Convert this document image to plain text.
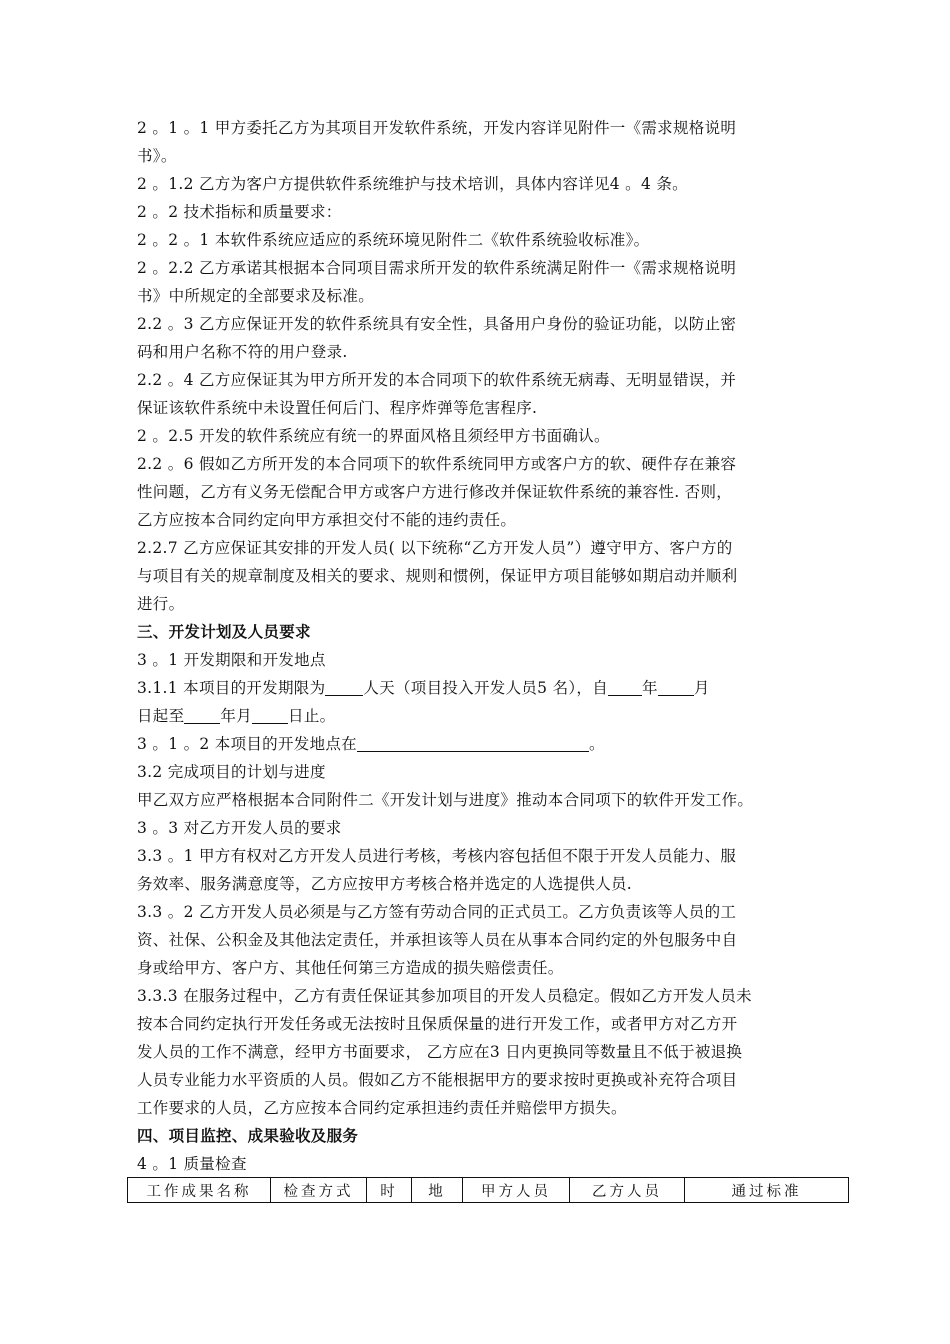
2 。1 。1 甲方委托乙方为其项目开发软件系统，开发内容详见附件一《需求规格说明
书》。
2 。1.2 乙方为客户方提供软件系统维护与技术培训，具体内容详见4 。4 条。
2 。2 技术指标和质量要求：
2 。2 。1 本软件系统应适应的系统环境见附件二《软件系统验收标准》。
2 。2.2 乙方承诺其根据本合同项目需求所开发的软件系统满足附件一《需求规格说明
书》中所规定的全部要求及标准。
2.2 。3 乙方应保证开发的软件系统具有安全性，具备用户身份的验证功能，以防止密
码和用户名称不符的用户登录.
2.2 。4 乙方应保证其为甲方所开发的本合同项下的软件系统无病毒、无明显错误，并
保证该软件系统中未设置任何后门、程序炸弹等危害程序.
2 。2.5 开发的软件系统应有统一的界面风格且须经甲方书面确认。
2.2 。6 假如乙方所开发的本合同项下的软件系统同甲方或客户方的软、硬件存在兼容
性问题，乙方有义务无偿配合甲方或客户方进行修改并保证软件系统的兼容性. 否则，
乙方应按本合同约定向甲方承担交付不能的违约责任。
2.2.7 乙方应保证其安排的开发人员( 以下统称“乙方开发人员”）遵守甲方、客户方的
与项目有关的规章制度及相关的要求、规则和惯例，保证甲方项目能够如期启动并顺利
进行。
三、开发计划及人员要求
3 。1 开发期限和开发地点
3.1.1 本项目的开发期限为 人天（项目投入开发人员5 名），自 年 月
日起至 年月 日止。
3 。1 。2 本项目的开发地点在	。
3.2 完成项目的计划与进度
甲乙双方应严格根据本合同附件二《开发计划与进度》推动本合同项下的软件开发工作。
3 。3 对乙方开发人员的要求
3.3 。1 甲方有权对乙方开发人员进行考核，考核内容包括但不限于开发人员能力、服
务效率、服务满意度等，乙方应按甲方考核合格并选定的人选提供人员.
3.3 。2 乙方开发人员必须是与乙方签有劳动合同的正式员工。乙方负责该等人员的工
资、社保、公积金及其他法定责任，并承担该等人员在从事本合同约定的外包服务中自
身或给甲方、客户方、其他任何第三方造成的损失赔偿责任。
3.3.3 在服务过程中，乙方有责任保证其参加项目的开发人员稳定。假如乙方开发人员未
按本合同约定执行开发任务或无法按时且保质保量的进行开发工作，或者甲方对乙方开
发人员的工作不满意，经甲方书面要求， 乙方应在3 日内更换同等数量且不低于被退换
人员专业能力水平资质的人员。假如乙方不能根据甲方的要求按时更换或补充符合项目
工作要求的人员，乙方应按本合同约定承担违约责任并赔偿甲方损失。
四、项目监控、成果验收及服务
4 。1 质量检查
工作成果名称	检查方式	时	地	甲方人员	乙方人员	通过标准
